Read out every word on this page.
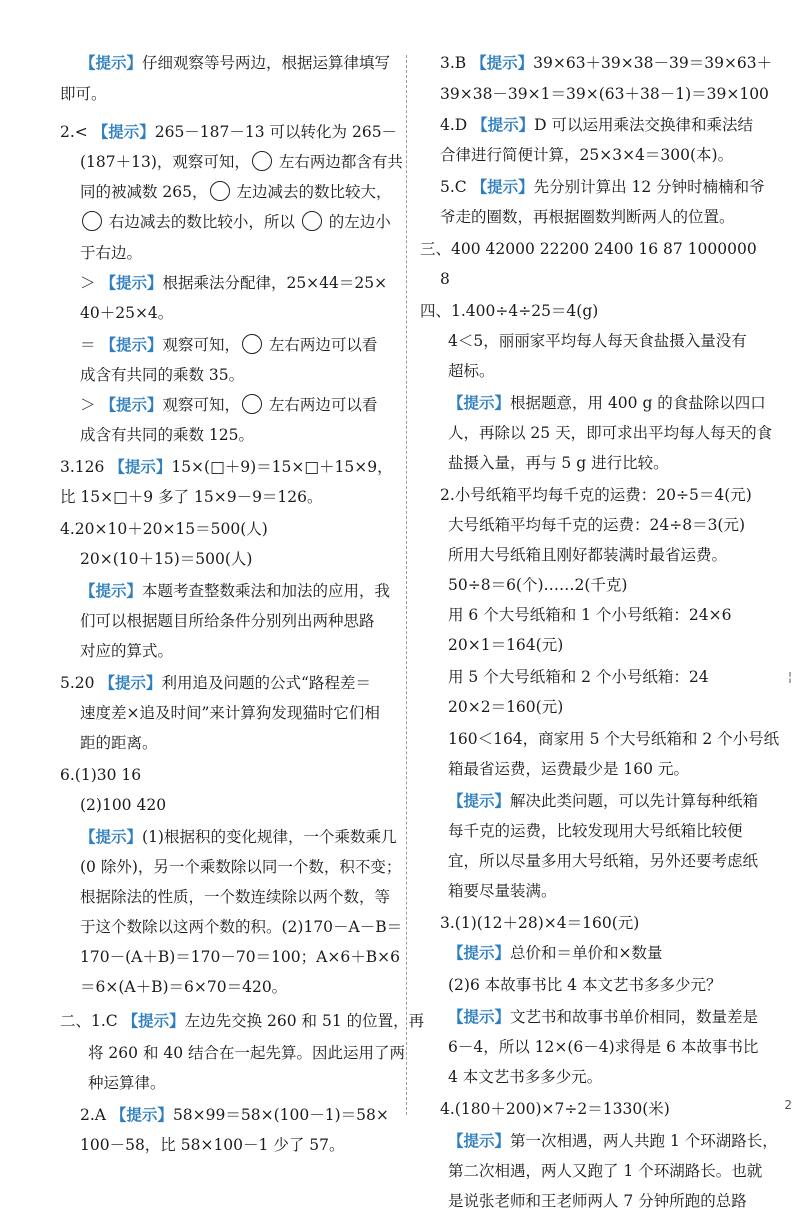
【提示】仔细观察等号两边，根据运算律填写

即可。

2.< 【提示】265－187－13 可以转化为 265－

(187＋13)，观察可知， 左右两边都含有共

同的被减数 265， 左边减去的数比较大，

右边减去的数比较小，所以  的左边小

于右边。

＞ 【提示】根据乘法分配律，25×44＝25×

40＋25×4。

＝ 【提示】观察可知， 左右两边可以看

成含有共同的乘数 35。

＞ 【提示】观察可知， 左右两边可以看

成含有共同的乘数 125。

3.126 【提示】15×(□＋9)＝15×□＋15×9，

比 15×□＋9 多了 15×9－9＝126。

4.20×10＋20×15＝500(人)

20×(10＋15)＝500(人)

【提示】本题考查整数乘法和加法的应用，我

们可以根据题目所给条件分别列出两种思路

对应的算式。

5.20 【提示】利用追及问题的公式“路程差＝

速度差×追及时间”来计算狗发现猫时它们相

距的距离。

6.(1)30 16

(2)100 420

【提示】(1)根据积的变化规律，一个乘数乘几

(0 除外)，另一个乘数除以同一个数，积不变；

根据除法的性质，一个数连续除以两个数，等

于这个数除以这两个数的积。(2)170－A－B＝

170－(A＋B)＝170－70＝100；A×6＋B×6

＝6×(A＋B)＝6×70＝420。

二、1.C 【提示】左边先交换 260 和 51 的位置，再

将 260 和 40 结合在一起先算。因此运用了两

种运算律。

2.A 【提示】58×99＝58×(100－1)＝58×

100－58，比 58×100－1 少了 57。

3.B 【提示】39×63＋39×38－39＝39×63＋

39×38－39×1＝39×(63＋38－1)＝39×100

4.D 【提示】D 可以运用乘法交换律和乘法结

合律进行简便计算，25×3×4＝300(本)。

5.C 【提示】先分别计算出 12 分钟时楠楠和爷

爷走的圈数，再根据圈数判断两人的位置。

三、400 42000 22200 2400 16 87 1000000

8

四、1.400÷4÷25＝4(g)

4＜5，丽丽家平均每人每天食盐摄入量没有

超标。

【提示】根据题意，用 400 g 的食盐除以四口

人，再除以 25 天，即可求出平均每人每天的食

盐摄入量，再与 5 g 进行比较。

2.小号纸箱平均每千克的运费：20÷5＝4(元)

大号纸箱平均每千克的运费：24÷8＝3(元)

所用大号纸箱且刚好都装满时最省运费。

50÷8＝6(个)……2(千克)

用 6 个大号纸箱和 1 个小号纸箱：24×6

20×1＝164(元)

用 5 个大号纸箱和 2 个小号纸箱：24

20×2＝160(元)

160＜164，商家用 5 个大号纸箱和 2 个小号纸

箱最省运费，运费最少是 160 元。

【提示】解决此类问题，可以先计算每种纸箱

每千克的运费，比较发现用大号纸箱比较便

宜，所以尽量多用大号纸箱，另外还要考虑纸

箱要尽量装满。

3.(1)(12＋28)×4＝160(元)

【提示】总价和＝单价和×数量

(2)6 本故事书比 4 本文艺书多多少元？

【提示】文艺书和故事书单价相同，数量差是

6－4，所以 12×(6－4)求得是 6 本故事书比

4 本文艺书多多少元。

4.(180＋200)×7÷2＝1330(米)

【提示】第一次相遇，两人共跑 1 个环湖路长，

第二次相遇，两人又跑了 1 个环湖路长。也就

是说张老师和王老师两人 7 分钟所跑的总路

¦
2
